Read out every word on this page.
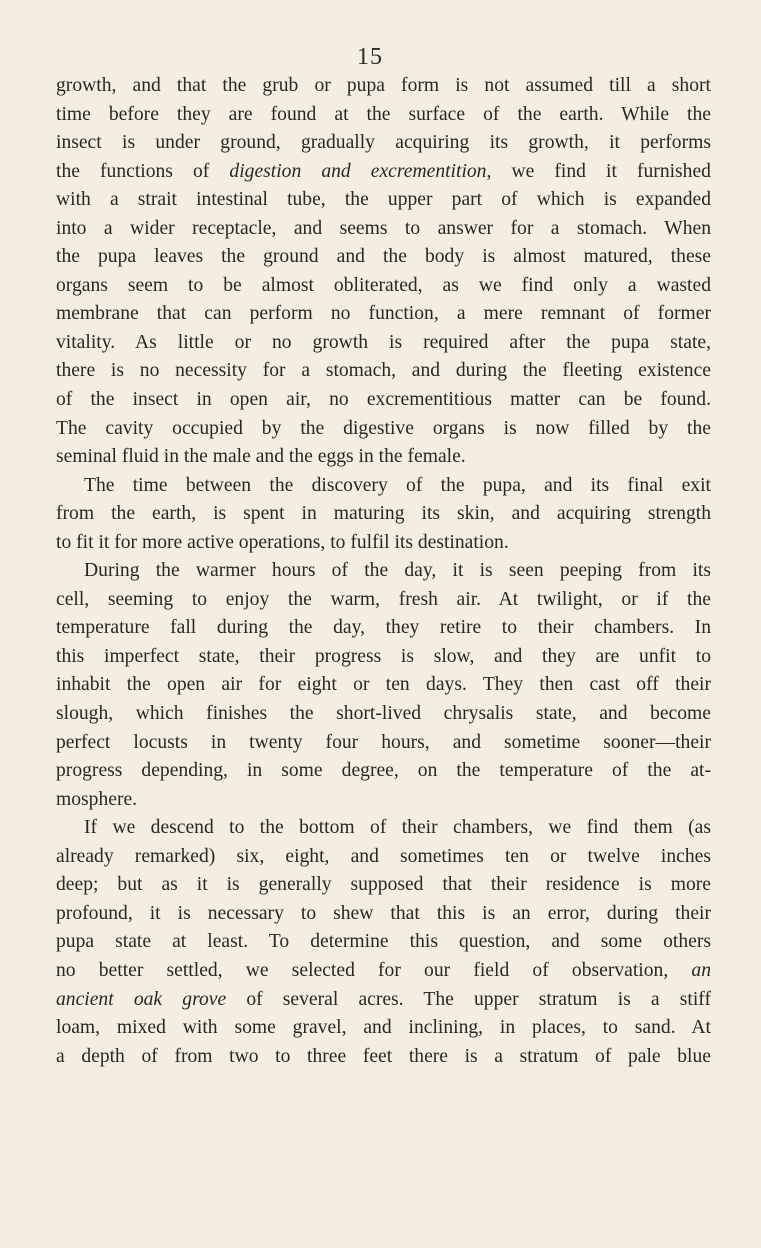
15
growth, and that the grub or pupa form is not assumed till a short
time before they are found at the surface of the earth. While the
insect is under ground, gradually acquiring its growth, it performs
the functions of digestion and excrementition, we find it furnished
with a strait intestinal tube, the upper part of which is expanded
into a wider receptacle, and seems to answer for a stomach. When
the pupa leaves the ground and the body is almost matured, these
organs seem to be almost obliterated, as we find only a wasted
membrane that can perform no function, a mere remnant of former
vitality. As little or no growth is required after the pupa state,
there is no necessity for a stomach, and during the fleeting existence
of the insect in open air, no excrementitious matter can be found.
The cavity occupied by the digestive organs is now filled by the
seminal fluid in the male and the eggs in the female.
The time between the discovery of the pupa, and its final exit
from the earth, is spent in maturing its skin, and acquiring strength
to fit it for more active operations, to fulfil its destination.
During the warmer hours of the day, it is seen peeping from its
cell, seeming to enjoy the warm, fresh air. At twilight, or if the
temperature fall during the day, they retire to their chambers. In
this imperfect state, their progress is slow, and they are unfit to
inhabit the open air for eight or ten days. They then cast off their
slough, which finishes the short-lived chrysalis state, and become
perfect locusts in twenty four hours, and sometime sooner—their
progress depending, in some degree, on the temperature of the at-
mosphere.
If we descend to the bottom of their chambers, we find them (as
already remarked) six, eight, and sometimes ten or twelve inches
deep; but as it is generally supposed that their residence is more
profound, it is necessary to shew that this is an error, during their
pupa state at least. To determine this question, and some others
no better settled, we selected for our field of observation, an
ancient oak grove of several acres. The upper stratum is a stiff
loam, mixed with some gravel, and inclining, in places, to sand. At
a depth of from two to three feet there is a stratum of pale blue
